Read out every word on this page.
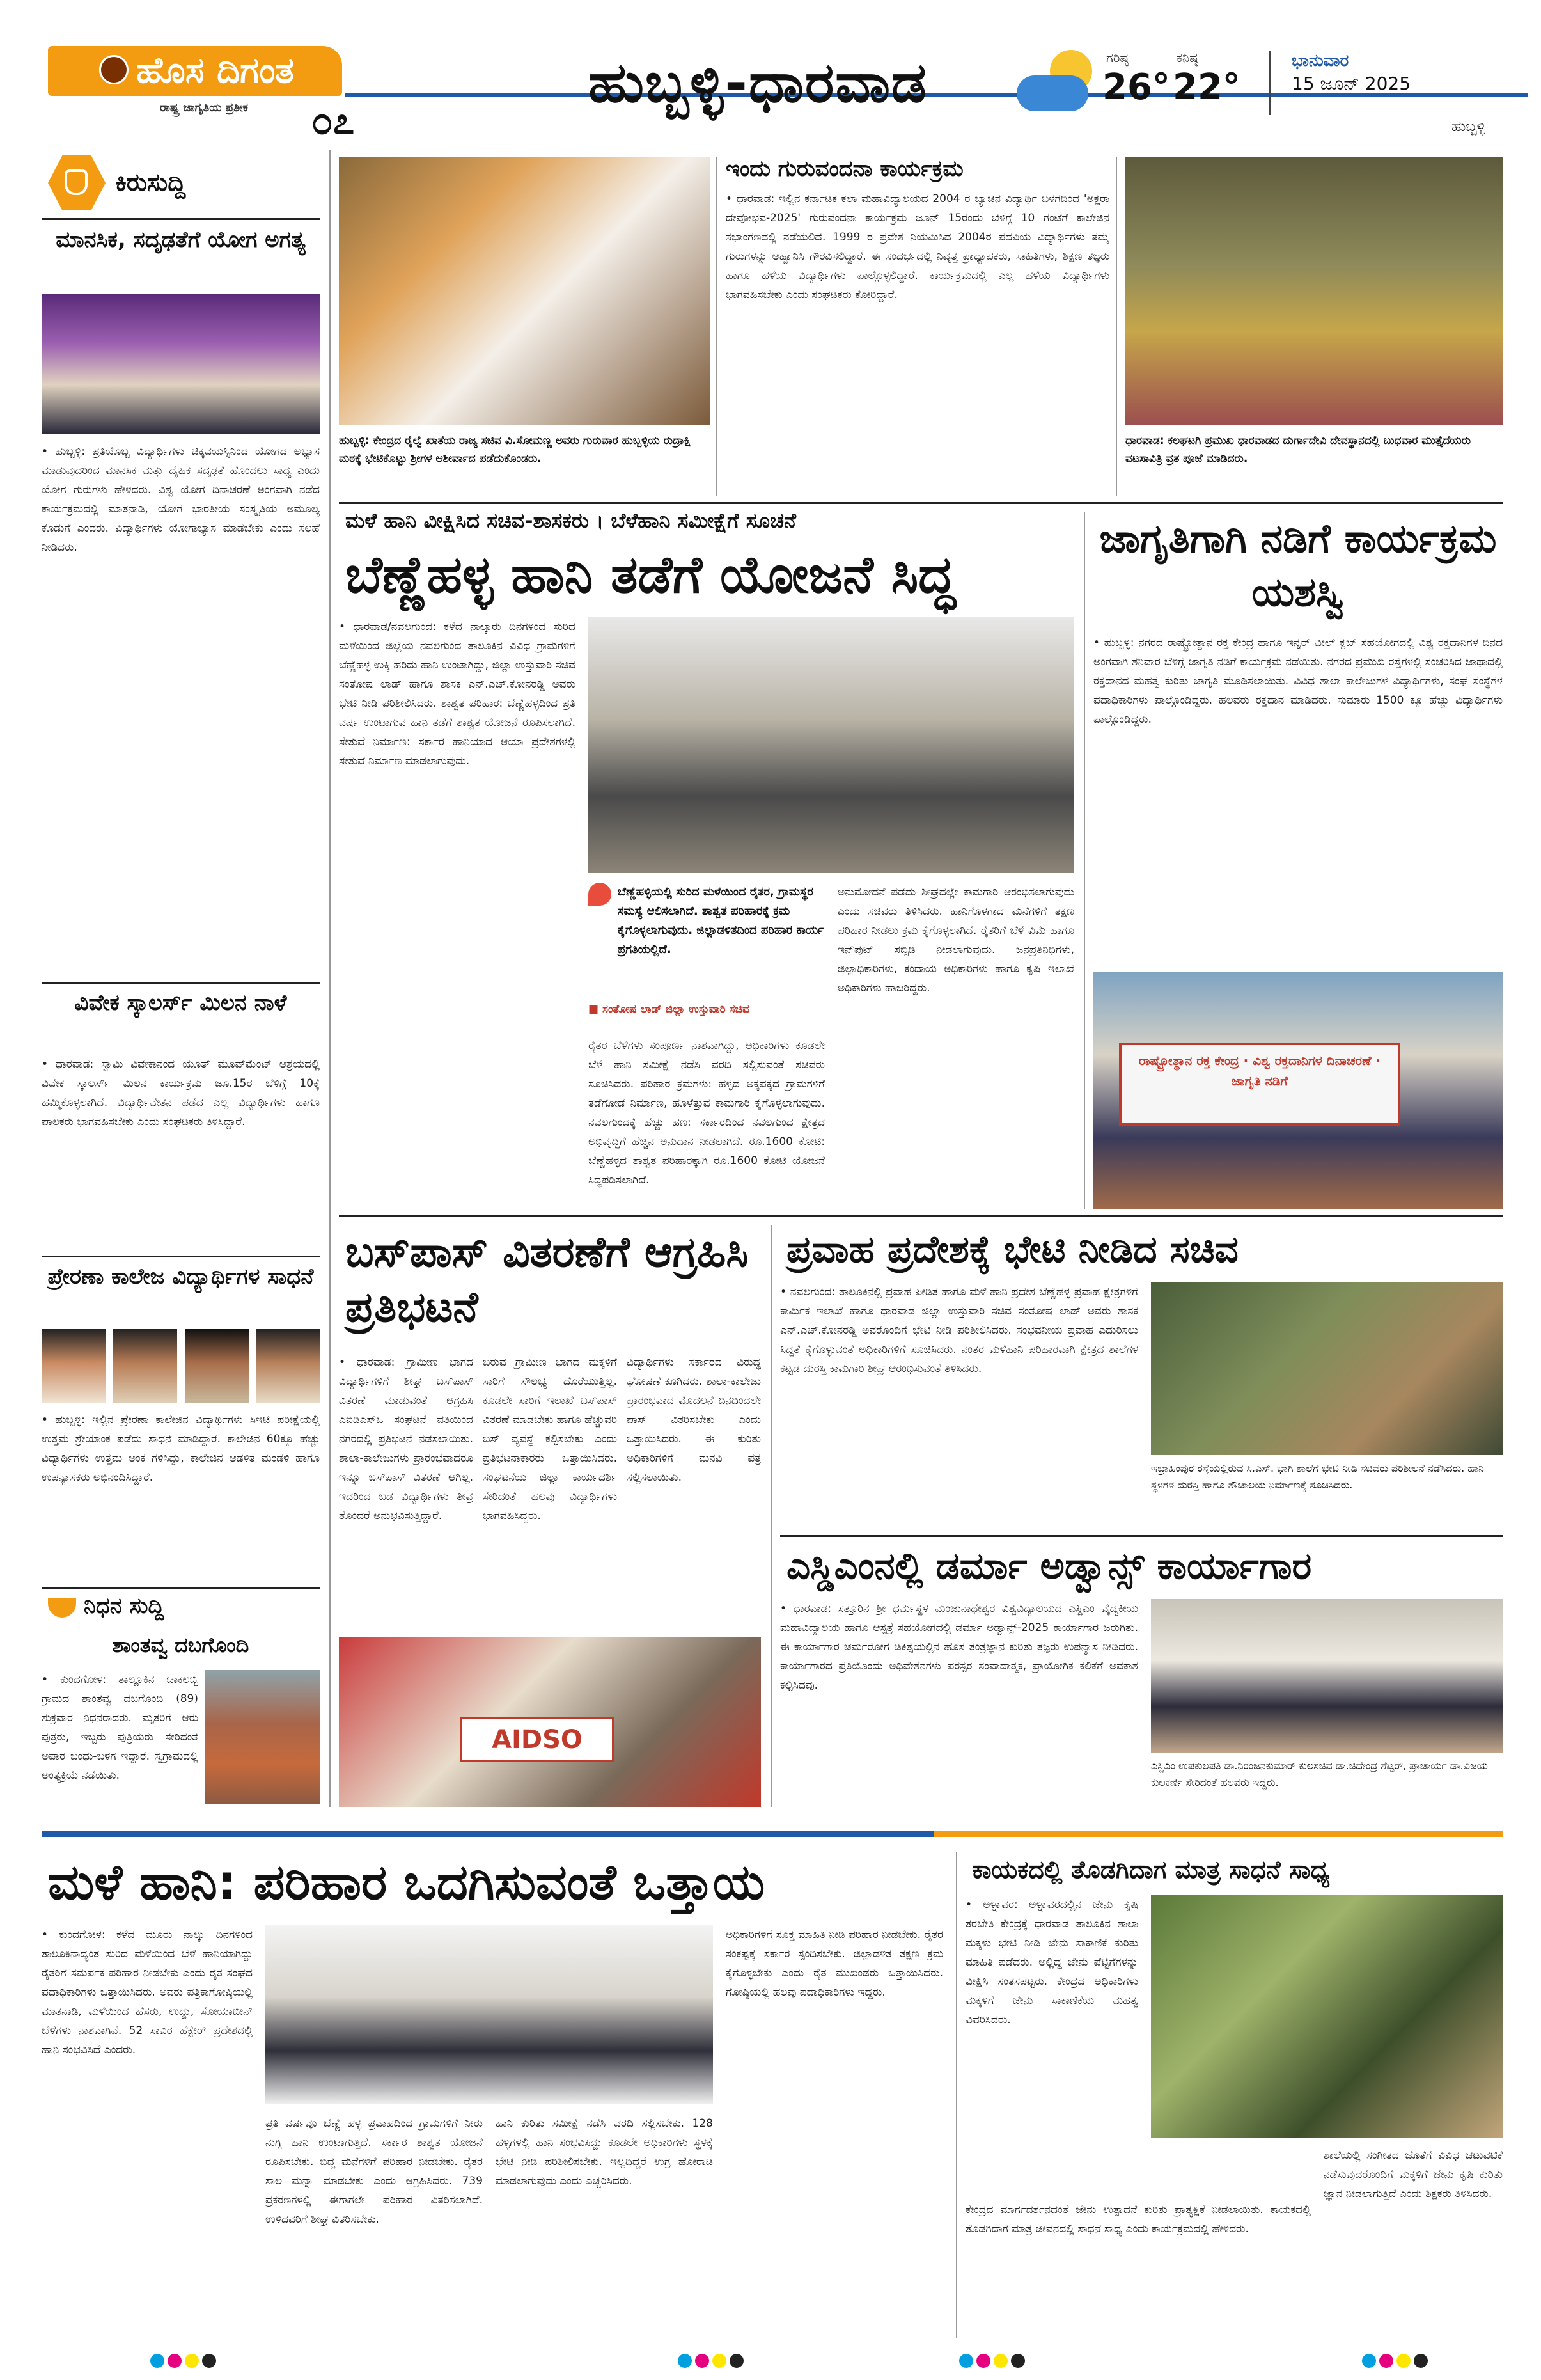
ಹೊಸ ದಿಗಂತ
ರಾಷ್ಟ್ರ ಜಾಗೃತಿಯ ಪ್ರತೀಕ ೦೭
ಹುಬ್ಬಳ್ಳಿ-ಧಾರವಾಡ	ಗರಿಷ್ಠ
26°
ಕನಿಷ್ಠ
22°
ಭಾನುವಾರ
15 ಜೂನ್ 2025
ಹುಬ್ಬಳ್ಳಿ
ಕಿರುಸುದ್ದಿ
ಮಾನಸಿಕ, ಸದೃಢತೆಗೆ ಯೋಗ ಅಗತ್ಯ
• ಹುಬ್ಬಳ್ಳಿ: ಪ್ರತಿಯೊಬ್ಬ ವಿದ್ಯಾರ್ಥಿಗಳು ಚಿಕ್ಕವಯಸ್ಸಿನಿಂದ ಯೋಗದ ಅಭ್ಯಾಸ ಮಾಡುವುದರಿಂದ ಮಾನಸಿಕ ಮತ್ತು ದೈಹಿಕ ಸದೃಢತೆ ಹೊಂದಲು ಸಾಧ್ಯ ಎಂದು ಯೋಗ ಗುರುಗಳು ಹೇಳಿದರು. ವಿಶ್ವ ಯೋಗ ದಿನಾಚರಣೆ ಅಂಗವಾಗಿ ನಡೆದ ಕಾರ್ಯಕ್ರಮದಲ್ಲಿ ಮಾತನಾಡಿ, ಯೋಗ ಭಾರತೀಯ ಸಂಸ್ಕೃತಿಯ ಅಮೂಲ್ಯ ಕೊಡುಗೆ ಎಂದರು. ವಿದ್ಯಾರ್ಥಿಗಳು ಯೋಗಾಭ್ಯಾಸ ಮಾಡಬೇಕು ಎಂದು ಸಲಹೆ ನೀಡಿದರು.
ವಿವೇಕ ಸ್ಕಾಲರ್ಸ್ ಮಿಲನ ನಾಳೆ
• ಧಾರವಾಡ: ಸ್ವಾಮಿ ವಿವೇಕಾನಂದ ಯೂತ್ ಮೂವ್‌ಮೆಂಟ್ ಆಶ್ರಯದಲ್ಲಿ ವಿವೇಕ ಸ್ಕಾಲರ್ಸ್ ಮಿಲನ ಕಾರ್ಯಕ್ರಮ ಜೂ.15ರ ಬೆಳಿಗ್ಗೆ 10ಕ್ಕೆ ಹಮ್ಮಿಕೊಳ್ಳಲಾಗಿದೆ. ವಿದ್ಯಾರ್ಥಿವೇತನ ಪಡೆದ ಎಲ್ಲ ವಿದ್ಯಾರ್ಥಿಗಳು ಹಾಗೂ ಪಾಲಕರು ಭಾಗವಹಿಸಬೇಕು ಎಂದು ಸಂಘಟಕರು ತಿಳಿಸಿದ್ದಾರೆ.
ಪ್ರೇರಣಾ ಕಾಲೇಜ ವಿದ್ಯಾರ್ಥಿಗಳ ಸಾಧನೆ
• ಹುಬ್ಬಳ್ಳಿ: ಇಲ್ಲಿನ ಪ್ರೇರಣಾ ಕಾಲೇಜಿನ ವಿದ್ಯಾರ್ಥಿಗಳು ಸಿಇಟಿ ಪರೀಕ್ಷೆಯಲ್ಲಿ ಉತ್ತಮ ಶ್ರೇಯಾಂಕ ಪಡೆದು ಸಾಧನೆ ಮಾಡಿದ್ದಾರೆ. ಕಾಲೇಜಿನ 60ಕ್ಕೂ ಹೆಚ್ಚು ವಿದ್ಯಾರ್ಥಿಗಳು ಉತ್ತಮ ಅಂಕ ಗಳಿಸಿದ್ದು, ಕಾಲೇಜಿನ ಆಡಳಿತ ಮಂಡಳಿ ಹಾಗೂ ಉಪನ್ಯಾಸಕರು ಅಭಿನಂದಿಸಿದ್ದಾರೆ.
ನಿಧನ ಸುದ್ದಿ
ಶಾಂತವ್ವ ದಬಗೊಂದಿ
• ಕುಂದಗೋಳ: ತಾಲ್ಲೂಕಿನ ಚಾಕಲಬ್ಬಿ ಗ್ರಾಮದ ಶಾಂತವ್ವ ದಬಗೊಂದಿ (89) ಶುಕ್ರವಾರ ನಿಧನರಾದರು. ಮೃತರಿಗೆ ಆರು ಪುತ್ರರು, ಇಬ್ಬರು ಪುತ್ರಿಯರು ಸೇರಿದಂತೆ ಅಪಾರ ಬಂಧು-ಬಳಗ ಇದ್ದಾರೆ. ಸ್ವಗ್ರಾಮದಲ್ಲಿ ಅಂತ್ಯಕ್ರಿಯೆ ನಡೆಯಿತು.
ಹುಬ್ಬಳ್ಳಿ: ಕೇಂದ್ರದ ರೈಲ್ವೆ ಖಾತೆಯ ರಾಜ್ಯ ಸಚಿವ ವಿ.ಸೋಮಣ್ಣ ಅವರು ಗುರುವಾರ ಹುಬ್ಬಳ್ಳಿಯ ರುದ್ರಾಕ್ಷಿ ಮಠಕ್ಕೆ ಭೇಟಿಕೊಟ್ಟು ಶ್ರೀಗಳ ಆಶೀರ್ವಾದ ಪಡೆದುಕೊಂಡರು.
ಇಂದು ಗುರುವಂದನಾ ಕಾರ್ಯಕ್ರಮ
• ಧಾರವಾಡ: ಇಲ್ಲಿನ ಕರ್ನಾಟಕ ಕಲಾ ಮಹಾವಿದ್ಯಾಲಯದ 2004 ರ ಬ್ಯಾಚಿನ ವಿದ್ಯಾರ್ಥಿ ಬಳಗದಿಂದ 'ಅಕ್ಷರಾ ದೇವೋಭವ-2025' ಗುರುವಂದನಾ ಕಾರ್ಯಕ್ರಮ ಜೂನ್ 15ರಂದು ಬೆಳಿಗ್ಗೆ 10 ಗಂಟೆಗೆ ಕಾಲೇಜಿನ ಸಭಾಂಗಣದಲ್ಲಿ ನಡೆಯಲಿದೆ. 1999 ರ ಪ್ರವೇಶ ನಿಯಮಿಸಿದ 2004ರ ಪದವಿಯ ವಿದ್ಯಾರ್ಥಿಗಳು ತಮ್ಮ ಗುರುಗಳನ್ನು ಆಹ್ವಾನಿಸಿ ಗೌರವಿಸಲಿದ್ದಾರೆ. ಈ ಸಂದರ್ಭದಲ್ಲಿ ನಿವೃತ್ತ ಪ್ರಾಧ್ಯಾಪಕರು, ಸಾಹಿತಿಗಳು, ಶಿಕ್ಷಣ ತಜ್ಞರು ಹಾಗೂ ಹಳೆಯ ವಿದ್ಯಾರ್ಥಿಗಳು ಪಾಲ್ಗೊಳ್ಳಲಿದ್ದಾರೆ. ಕಾರ್ಯಕ್ರಮದಲ್ಲಿ ಎಲ್ಲ ಹಳೆಯ ವಿದ್ಯಾರ್ಥಿಗಳು ಭಾಗವಹಿಸಬೇಕು ಎಂದು ಸಂಘಟಕರು ಕೋರಿದ್ದಾರೆ.
ಧಾರವಾಡ: ಕಲಘಟಗಿ ಪ್ರಮುಖ ಧಾರವಾಡದ ದುರ್ಗಾದೇವಿ ದೇವಸ್ಥಾನದಲ್ಲಿ ಬುಧವಾರ ಮುತ್ತೈದೆಯರು ವಟಸಾವಿತ್ರಿ ವ್ರತ ಪೂಜೆ ಮಾಡಿದರು.
ಮಳೆ ಹಾನಿ ವೀಕ್ಷಿಸಿದ ಸಚಿವ-ಶಾಸಕರು । ಬೆಳೆಹಾನಿ ಸಮೀಕ್ಷೆಗೆ ಸೂಚನೆ
ಬೆಣ್ಣೆಹಳ್ಳ ಹಾನಿ ತಡೆಗೆ ಯೋಜನೆ ಸಿದ್ಧ
• ಧಾರವಾಡ/ನವಲಗುಂದ: ಕಳೆದ ನಾಲ್ಕಾರು ದಿನಗಳಿಂದ ಸುರಿದ ಮಳೆಯಿಂದ ಜಿಲ್ಲೆಯ ನವಲಗುಂದ ತಾಲೂಕಿನ ವಿವಿಧ ಗ್ರಾಮಗಳಿಗೆ ಬೆಣ್ಣೆಹಳ್ಳ ಉಕ್ಕಿ ಹರಿದು ಹಾನಿ ಉಂಟಾಗಿದ್ದು, ಜಿಲ್ಲಾ ಉಸ್ತುವಾರಿ ಸಚಿವ ಸಂತೋಷ ಲಾಡ್ ಹಾಗೂ ಶಾಸಕ ಎನ್.ಎಚ್.ಕೋನರಡ್ಡಿ ಅವರು ಭೇಟಿ ನೀಡಿ ಪರಿಶೀಲಿಸಿದರು. ಶಾಶ್ವತ ಪರಿಹಾರ: ಬೆಣ್ಣೆಹಳ್ಳದಿಂದ ಪ್ರತಿ ವರ್ಷ ಉಂಟಾಗುವ ಹಾನಿ ತಡೆಗೆ ಶಾಶ್ವತ ಯೋಜನೆ ರೂಪಿಸಲಾಗಿದೆ. ಸೇತುವೆ ನಿರ್ಮಾಣ: ಸರ್ಕಾರ ಹಾನಿಯಾದ ಆಯಾ ಪ್ರದೇಶಗಳಲ್ಲಿ ಸೇತುವೆ ನಿರ್ಮಾಣ ಮಾಡಲಾಗುವುದು.
ಬೆಣ್ಣೆಹಳ್ಳಿಯಲ್ಲಿ ಸುರಿದ ಮಳೆಯಿಂದ ರೈತರ, ಗ್ರಾಮಸ್ಥರ ಸಮಸ್ಯೆ ಆಲಿಸಲಾಗಿದೆ. ಶಾಶ್ವತ ಪರಿಹಾರಕ್ಕೆ ಕ್ರಮ ಕೈಗೊಳ್ಳಲಾಗುವುದು. ಜಿಲ್ಲಾಡಳಿತದಿಂದ ಪರಿಹಾರ ಕಾರ್ಯ ಪ್ರಗತಿಯಲ್ಲಿದೆ.
■ ಸಂತೋಷ ಲಾಡ್ ಜಿಲ್ಲಾ ಉಸ್ತುವಾರಿ ಸಚಿವ
ರೈತರ ಬೆಳೆಗಳು ಸಂಪೂರ್ಣ ನಾಶವಾಗಿದ್ದು, ಅಧಿಕಾರಿಗಳು ಕೂಡಲೇ ಬೆಳೆ ಹಾನಿ ಸಮೀಕ್ಷೆ ನಡೆಸಿ ವರದಿ ಸಲ್ಲಿಸುವಂತೆ ಸಚಿವರು ಸೂಚಿಸಿದರು. ಪರಿಹಾರ ಕ್ರಮಗಳು: ಹಳ್ಳದ ಅಕ್ಕಪಕ್ಕದ ಗ್ರಾಮಗಳಿಗೆ ತಡೆಗೋಡೆ ನಿರ್ಮಾಣ, ಹೂಳೆತ್ತುವ ಕಾಮಗಾರಿ ಕೈಗೊಳ್ಳಲಾಗುವುದು. ನವಲಗುಂದಕ್ಕೆ ಹೆಚ್ಚು ಹಣ: ಸರ್ಕಾರದಿಂದ ನವಲಗುಂದ ಕ್ಷೇತ್ರದ ಅಭಿವೃದ್ಧಿಗೆ ಹೆಚ್ಚಿನ ಅನುದಾನ ನೀಡಲಾಗಿದೆ. ರೂ.1600 ಕೋಟಿ: ಬೆಣ್ಣೆಹಳ್ಳದ ಶಾಶ್ವತ ಪರಿಹಾರಕ್ಕಾಗಿ ರೂ.1600 ಕೋಟಿ ಯೋಜನೆ ಸಿದ್ಧಪಡಿಸಲಾಗಿದೆ.
ಅನುಮೋದನೆ ಪಡೆದು ಶೀಘ್ರದಲ್ಲೇ ಕಾಮಗಾರಿ ಆರಂಭಿಸಲಾಗುವುದು ಎಂದು ಸಚಿವರು ತಿಳಿಸಿದರು. ಹಾನಿಗೊಳಗಾದ ಮನೆಗಳಿಗೆ ತಕ್ಷಣ ಪರಿಹಾರ ನೀಡಲು ಕ್ರಮ ಕೈಗೊಳ್ಳಲಾಗಿದೆ. ರೈತರಿಗೆ ಬೆಳೆ ವಿಮೆ ಹಾಗೂ ಇನ್‌ಪುಟ್ ಸಬ್ಸಿಡಿ ನೀಡಲಾಗುವುದು. ಜನಪ್ರತಿನಿಧಿಗಳು, ಜಿಲ್ಲಾಧಿಕಾರಿಗಳು, ಕಂದಾಯ ಅಧಿಕಾರಿಗಳು ಹಾಗೂ ಕೃಷಿ ಇಲಾಖೆ ಅಧಿಕಾರಿಗಳು ಹಾಜರಿದ್ದರು.
ಜಾಗೃತಿಗಾಗಿ ನಡಿಗೆ ಕಾರ್ಯಕ್ರಮ ಯಶಸ್ವಿ
• ಹುಬ್ಬಳ್ಳಿ: ನಗರದ ರಾಷ್ಟ್ರೋತ್ಥಾನ ರಕ್ತ ಕೇಂದ್ರ ಹಾಗೂ ಇನ್ನರ್ ವೀಲ್ ಕ್ಲಬ್ ಸಹಯೋಗದಲ್ಲಿ ವಿಶ್ವ ರಕ್ತದಾನಿಗಳ ದಿನದ ಅಂಗವಾಗಿ ಶನಿವಾರ ಬೆಳಿಗ್ಗೆ ಜಾಗೃತಿ ನಡಿಗೆ ಕಾರ್ಯಕ್ರಮ ನಡೆಯಿತು. ನಗರದ ಪ್ರಮುಖ ರಸ್ತೆಗಳಲ್ಲಿ ಸಂಚರಿಸಿದ ಜಾಥಾದಲ್ಲಿ ರಕ್ತದಾನದ ಮಹತ್ವ ಕುರಿತು ಜಾಗೃತಿ ಮೂಡಿಸಲಾಯಿತು. ವಿವಿಧ ಶಾಲಾ ಕಾಲೇಜುಗಳ ವಿದ್ಯಾರ್ಥಿಗಳು, ಸಂಘ ಸಂಸ್ಥೆಗಳ ಪದಾಧಿಕಾರಿಗಳು ಪಾಲ್ಗೊಂಡಿದ್ದರು. ಹಲವರು ರಕ್ತದಾನ ಮಾಡಿದರು. ಸುಮಾರು 1500 ಕ್ಕೂ ಹೆಚ್ಚು ವಿದ್ಯಾರ್ಥಿಗಳು ಪಾಲ್ಗೊಂಡಿದ್ದರು.
ರಾಷ್ಟ್ರೋತ್ಥಾನ ರಕ್ತ ಕೇಂದ್ರ · ವಿಶ್ವ ರಕ್ತದಾನಿಗಳ ದಿನಾಚರಣೆ · ಜಾಗೃತಿ ನಡಿಗೆ
ಬಸ್‌ಪಾಸ್ ವಿತರಣೆಗೆ ಆಗ್ರಹಿಸಿ ಪ್ರತಿಭಟನೆ
• ಧಾರವಾಡ: ಗ್ರಾಮೀಣ ಭಾಗದ ವಿದ್ಯಾರ್ಥಿಗಳಿಗೆ ಶೀಘ್ರ ಬಸ್‌ಪಾಸ್ ವಿತರಣೆ ಮಾಡುವಂತೆ ಆಗ್ರಹಿಸಿ ಎಐಡಿಎಸ್‌ಒ ಸಂಘಟನೆ ವತಿಯಿಂದ ನಗರದಲ್ಲಿ ಪ್ರತಿಭಟನೆ ನಡೆಸಲಾಯಿತು. ಶಾಲಾ-ಕಾಲೇಜುಗಳು ಪ್ರಾರಂಭವಾದರೂ ಇನ್ನೂ ಬಸ್‌ಪಾಸ್ ವಿತರಣೆ ಆಗಿಲ್ಲ. ಇದರಿಂದ ಬಡ ವಿದ್ಯಾರ್ಥಿಗಳು ತೀವ್ರ ತೊಂದರೆ ಅನುಭವಿಸುತ್ತಿದ್ದಾರೆ.
ಬರುವ ಗ್ರಾಮೀಣ ಭಾಗದ ಮಕ್ಕಳಿಗೆ ಸಾರಿಗೆ ಸೌಲಭ್ಯ ದೊರೆಯುತ್ತಿಲ್ಲ. ಕೂಡಲೇ ಸಾರಿಗೆ ಇಲಾಖೆ ಬಸ್‌ಪಾಸ್ ವಿತರಣೆ ಮಾಡಬೇಕು ಹಾಗೂ ಹೆಚ್ಚುವರಿ ಬಸ್ ವ್ಯವಸ್ಥೆ ಕಲ್ಪಿಸಬೇಕು ಎಂದು ಪ್ರತಿಭಟನಾಕಾರರು ಒತ್ತಾಯಿಸಿದರು. ಸಂಘಟನೆಯ ಜಿಲ್ಲಾ ಕಾರ್ಯದರ್ಶಿ ಸೇರಿದಂತೆ ಹಲವು ವಿದ್ಯಾರ್ಥಿಗಳು ಭಾಗವಹಿಸಿದ್ದರು.
ವಿದ್ಯಾರ್ಥಿಗಳು ಸರ್ಕಾರದ ವಿರುದ್ಧ ಘೋಷಣೆ ಕೂಗಿದರು. ಶಾಲಾ-ಕಾಲೇಜು ಪ್ರಾರಂಭವಾದ ಮೊದಲನೆ ದಿನದಿಂದಲೇ ಪಾಸ್ ವಿತರಿಸಬೇಕು ಎಂದು ಒತ್ತಾಯಿಸಿದರು. ಈ ಕುರಿತು ಅಧಿಕಾರಿಗಳಿಗೆ ಮನವಿ ಪತ್ರ ಸಲ್ಲಿಸಲಾಯಿತು.
AIDSO
ಪ್ರವಾಹ ಪ್ರದೇಶಕ್ಕೆ ಭೇಟಿ ನೀಡಿದ ಸಚಿವ
• ನವಲಗುಂದ: ತಾಲೂಕಿನಲ್ಲಿ ಪ್ರವಾಹ ಪೀಡಿತ ಹಾಗೂ ಮಳೆ ಹಾನಿ ಪ್ರದೇಶ ಬೆಣ್ಣೆಹಳ್ಳ ಪ್ರವಾಹ ಕ್ಷೇತ್ರಗಳಿಗೆ ಕಾರ್ಮಿಕ ಇಲಾಖೆ ಹಾಗೂ ಧಾರವಾಡ ಜಿಲ್ಲಾ ಉಸ್ತುವಾರಿ ಸಚಿವ ಸಂತೋಷ ಲಾಡ್ ಅವರು ಶಾಸಕ ಎನ್.ಎಚ್.ಕೋನರಡ್ಡಿ ಅವರೊಂದಿಗೆ ಭೇಟಿ ನೀಡಿ ಪರಿಶೀಲಿಸಿದರು. ಸಂಭವನೀಯ ಪ್ರವಾಹ ಎದುರಿಸಲು ಸಿದ್ಧತೆ ಕೈಗೊಳ್ಳುವಂತೆ ಅಧಿಕಾರಿಗಳಿಗೆ ಸೂಚಿಸಿದರು. ನಂತರ ಮಳೆಹಾನಿ ಪರಿಹಾರವಾಗಿ ಕ್ಷೇತ್ರದ ಶಾಲೆಗಳ ಕಟ್ಟಡ ದುರಸ್ತಿ ಕಾಮಗಾರಿ ಶೀಘ್ರ ಆರಂಭಿಸುವಂತೆ ತಿಳಿಸಿದರು.
ಇಬ್ರಾಹಿಂಪುರ ರಸ್ತೆಯಲ್ಲಿರುವ ಸಿ.ಎಸ್. ಭಾಗಿ ಶಾಲೆಗೆ ಭೇಟಿ ನೀಡಿ ಸಚಿವರು ಪರಿಶೀಲನೆ ನಡೆಸಿದರು. ಹಾನಿ ಸ್ಥಳಗಳ ದುರಸ್ತಿ ಹಾಗೂ ಶೌಚಾಲಯ ನಿರ್ಮಾಣಕ್ಕೆ ಸೂಚಿಸಿದರು.
ಎಸ್ಡಿಎಂನಲ್ಲಿ ಡರ್ಮಾ ಅಡ್ವಾನ್ಸ್ ಕಾರ್ಯಾಗಾರ
• ಧಾರವಾಡ: ಸತ್ತೂರಿನ ಶ್ರೀ ಧರ್ಮಸ್ಥಳ ಮಂಜುನಾಥೇಶ್ವರ ವಿಶ್ವವಿದ್ಯಾಲಯದ ಎಸ್ಡಿಎಂ ವೈದ್ಯಕೀಯ ಮಹಾವಿದ್ಯಾಲಯ ಹಾಗೂ ಆಸ್ಪತ್ರೆ ಸಹಯೋಗದಲ್ಲಿ ಡರ್ಮಾ ಅಡ್ವಾನ್ಸ್-2025 ಕಾರ್ಯಾಗಾರ ಜರುಗಿತು. ಈ ಕಾರ್ಯಾಗಾರ ಚರ್ಮರೋಗ ಚಿಕಿತ್ಸೆಯಲ್ಲಿನ ಹೊಸ ತಂತ್ರಜ್ಞಾನ ಕುರಿತು ತಜ್ಞರು ಉಪನ್ಯಾಸ ನೀಡಿದರು. ಕಾರ್ಯಾಗಾರದ ಪ್ರತಿಯೊಂದು ಅಧಿವೇಶನಗಳು ಪರಸ್ಪರ ಸಂವಾದಾತ್ಮಕ, ಪ್ರಾಯೋಗಿಕ ಕಲಿಕೆಗೆ ಅವಕಾಶ ಕಲ್ಪಿಸಿದವು.
ಎಸ್ಡಿಎಂ ಉಪಕುಲಪತಿ ಡಾ.ನಿರಂಜನಕುಮಾರ್ ಕುಲಸಚಿವ ಡಾ.ಚಿದೇಂದ್ರ ಶೆಟ್ಟರ್, ಪ್ರಾಚಾರ್ಯ ಡಾ.ವಿಜಯ ಕುಲಕರ್ಣಿ ಸೇರಿದಂತೆ ಹಲವರು ಇದ್ದರು.
ಮಳೆ ಹಾನಿ: ಪರಿಹಾರ ಒದಗಿಸುವಂತೆ ಒತ್ತಾಯ
• ಕುಂದಗೋಳ: ಕಳೆದ ಮೂರು ನಾಲ್ಕು ದಿನಗಳಿಂದ ತಾಲೂಕಿನಾದ್ಯಂತ ಸುರಿದ ಮಳೆಯಿಂದ ಬೆಳೆ ಹಾನಿಯಾಗಿದ್ದು ರೈತರಿಗೆ ಸಮರ್ಪಕ ಪರಿಹಾರ ನೀಡಬೇಕು ಎಂದು ರೈತ ಸಂಘದ ಪದಾಧಿಕಾರಿಗಳು ಒತ್ತಾಯಿಸಿದರು. ಅವರು ಪತ್ರಿಕಾಗೋಷ್ಠಿಯಲ್ಲಿ ಮಾತನಾಡಿ, ಮಳೆಯಿಂದ ಹೆಸರು, ಉದ್ದು, ಸೋಯಾಬೀನ್ ಬೆಳೆಗಳು ನಾಶವಾಗಿವೆ. 52 ಸಾವಿರ ಹೆಕ್ಟೇರ್ ಪ್ರದೇಶದಲ್ಲಿ ಹಾನಿ ಸಂಭವಿಸಿದೆ ಎಂದರು.
ಪ್ರತಿ ವರ್ಷವೂ ಬೆಣ್ಣೆ ಹಳ್ಳ ಪ್ರವಾಹದಿಂದ ಗ್ರಾಮಗಳಿಗೆ ನೀರು ನುಗ್ಗಿ ಹಾನಿ ಉಂಟಾಗುತ್ತಿದೆ. ಸರ್ಕಾರ ಶಾಶ್ವತ ಯೋಜನೆ ರೂಪಿಸಬೇಕು. ಬಿದ್ದ ಮನೆಗಳಿಗೆ ಪರಿಹಾರ ನೀಡಬೇಕು. ರೈತರ ಸಾಲ ಮನ್ನಾ ಮಾಡಬೇಕು ಎಂದು ಆಗ್ರಹಿಸಿದರು. 739 ಪ್ರಕರಣಗಳಲ್ಲಿ ಈಗಾಗಲೇ ಪರಿಹಾರ ವಿತರಿಸಲಾಗಿದೆ. ಉಳಿದವರಿಗೆ ಶೀಘ್ರ ವಿತರಿಸಬೇಕು.
ಹಾನಿ ಕುರಿತು ಸಮೀಕ್ಷೆ ನಡೆಸಿ ವರದಿ ಸಲ್ಲಿಸಬೇಕು. 128 ಹಳ್ಳಿಗಳಲ್ಲಿ ಹಾನಿ ಸಂಭವಿಸಿದ್ದು ಕೂಡಲೇ ಅಧಿಕಾರಿಗಳು ಸ್ಥಳಕ್ಕೆ ಭೇಟಿ ನೀಡಿ ಪರಿಶೀಲಿಸಬೇಕು. ಇಲ್ಲದಿದ್ದರೆ ಉಗ್ರ ಹೋರಾಟ ಮಾಡಲಾಗುವುದು ಎಂದು ಎಚ್ಚರಿಸಿದರು.
ಅಧಿಕಾರಿಗಳಿಗೆ ಸೂಕ್ತ ಮಾಹಿತಿ ನೀಡಿ ಪರಿಹಾರ ನೀಡಬೇಕು. ರೈತರ ಸಂಕಷ್ಟಕ್ಕೆ ಸರ್ಕಾರ ಸ್ಪಂದಿಸಬೇಕು. ಜಿಲ್ಲಾಡಳಿತ ತಕ್ಷಣ ಕ್ರಮ ಕೈಗೊಳ್ಳಬೇಕು ಎಂದು ರೈತ ಮುಖಂಡರು ಒತ್ತಾಯಿಸಿದರು. ಗೋಷ್ಠಿಯಲ್ಲಿ ಹಲವು ಪದಾಧಿಕಾರಿಗಳು ಇದ್ದರು.
ಕಾಯಕದಲ್ಲಿ ತೊಡಗಿದಾಗ ಮಾತ್ರ ಸಾಧನೆ ಸಾಧ್ಯ
• ಅಳ್ನಾವರ: ಅಳ್ನಾವರದಲ್ಲಿನ ಜೇನು ಕೃಷಿ ತರಬೇತಿ ಕೇಂದ್ರಕ್ಕೆ ಧಾರವಾಡ ತಾಲೂಕಿನ ಶಾಲಾ ಮಕ್ಕಳು ಭೇಟಿ ನೀಡಿ ಜೇನು ಸಾಕಾಣಿಕೆ ಕುರಿತು ಮಾಹಿತಿ ಪಡೆದರು. ಅಲ್ಲಿದ್ದ ಜೇನು ಪೆಟ್ಟಿಗೆಗಳನ್ನು ವೀಕ್ಷಿಸಿ ಸಂತಸಪಟ್ಟರು. ಕೇಂದ್ರದ ಅಧಿಕಾರಿಗಳು ಮಕ್ಕಳಿಗೆ ಜೇನು ಸಾಕಾಣಿಕೆಯ ಮಹತ್ವ ವಿವರಿಸಿದರು.
ಕೇಂದ್ರದ ಮಾರ್ಗದರ್ಶನದಂತೆ ಜೇನು ಉತ್ಪಾದನೆ ಕುರಿತು ಪ್ರಾತ್ಯಕ್ಷಿಕೆ ನೀಡಲಾಯಿತು. ಕಾಯಕದಲ್ಲಿ ತೊಡಗಿದಾಗ ಮಾತ್ರ ಜೀವನದಲ್ಲಿ ಸಾಧನೆ ಸಾಧ್ಯ ಎಂದು ಕಾರ್ಯಕ್ರಮದಲ್ಲಿ ಹೇಳಿದರು.
ಶಾಲೆಯಲ್ಲಿ ಸಂಗೀತದ ಜೊತೆಗೆ ವಿವಿಧ ಚಟುವಟಿಕೆ ನಡೆಸುವುದರೊಂದಿಗೆ ಮಕ್ಕಳಿಗೆ ಜೇನು ಕೃಷಿ ಕುರಿತು ಜ್ಞಾನ ನೀಡಲಾಗುತ್ತಿದೆ ಎಂದು ಶಿಕ್ಷಕರು ತಿಳಿಸಿದರು.
